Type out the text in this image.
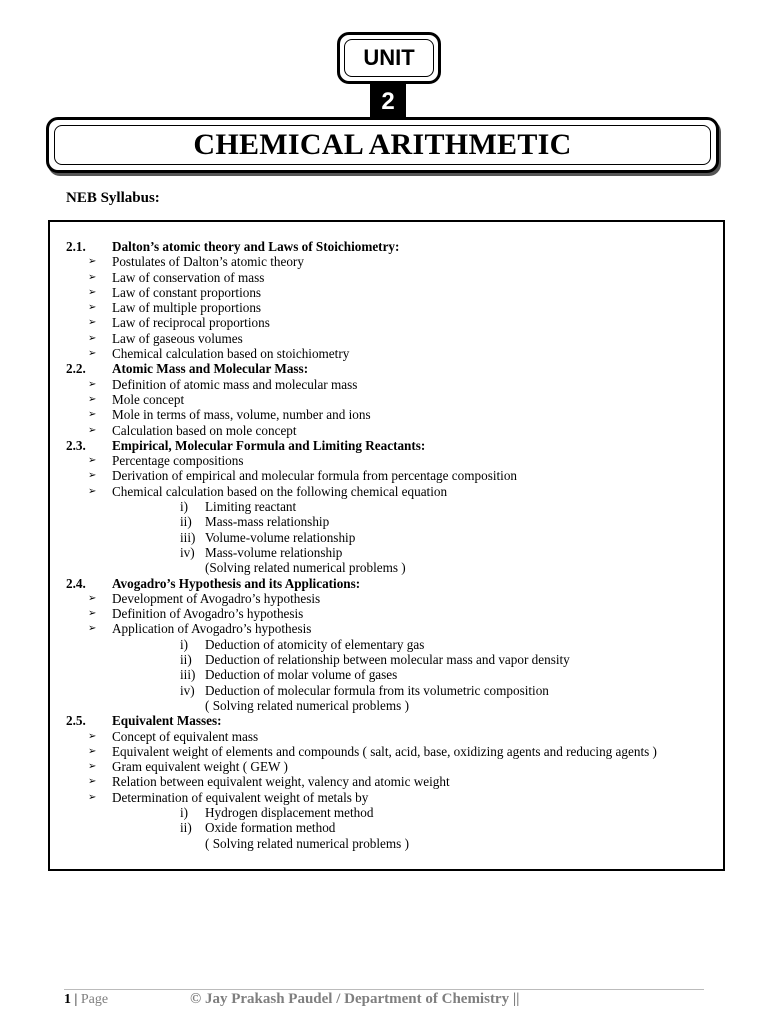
UNIT
2
CHEMICAL ARITHMETIC
NEB Syllabus:
2.1. Dalton’s atomic theory and Laws of Stoichiometry:
➢ Postulates of Dalton’s atomic theory
➢ Law of conservation of mass
➢ Law of constant proportions
➢ Law of multiple proportions
➢ Law of reciprocal proportions
➢ Law of gaseous volumes
➢ Chemical calculation based on stoichiometry
2.2. Atomic Mass and Molecular Mass:
➢ Definition of atomic mass and molecular mass
➢ Mole concept
➢ Mole in terms of mass, volume, number and ions
➢ Calculation based on mole concept
2.3. Empirical, Molecular Formula and Limiting Reactants:
➢ Percentage compositions
➢ Derivation of empirical and molecular formula from percentage composition
➢ Chemical calculation based on the following chemical equation
i)	Limiting reactant
ii)	Mass-mass relationship
iii) Volume-volume relationship
iv) Mass-volume relationship
(Solving related numerical problems )
2.4. Avogadro’s Hypothesis and its Applications:
➢ Development of Avogadro’s hypothesis
➢ Definition of Avogadro’s hypothesis
➢ Application of Avogadro’s hypothesis
i)	Deduction of atomicity of elementary gas
ii)	Deduction of relationship between molecular mass and vapor density
iii) Deduction of molar volume of gases
iv) Deduction of molecular formula from its volumetric composition
( Solving related numerical problems )
2.5. Equivalent Masses:
➢ Concept of equivalent mass
➢ Equivalent weight of elements and compounds ( salt, acid, base, oxidizing agents and reducing agents )
➢ Gram equivalent weight ( GEW )
➢ Relation between equivalent weight, valency and atomic weight
➢ Determination of equivalent weight of metals by
i)	Hydrogen displacement method
ii)	Oxide formation method
( Solving related numerical problems )
1 | Page	© Jay Prakash Paudel / Department of Chemistry ||
